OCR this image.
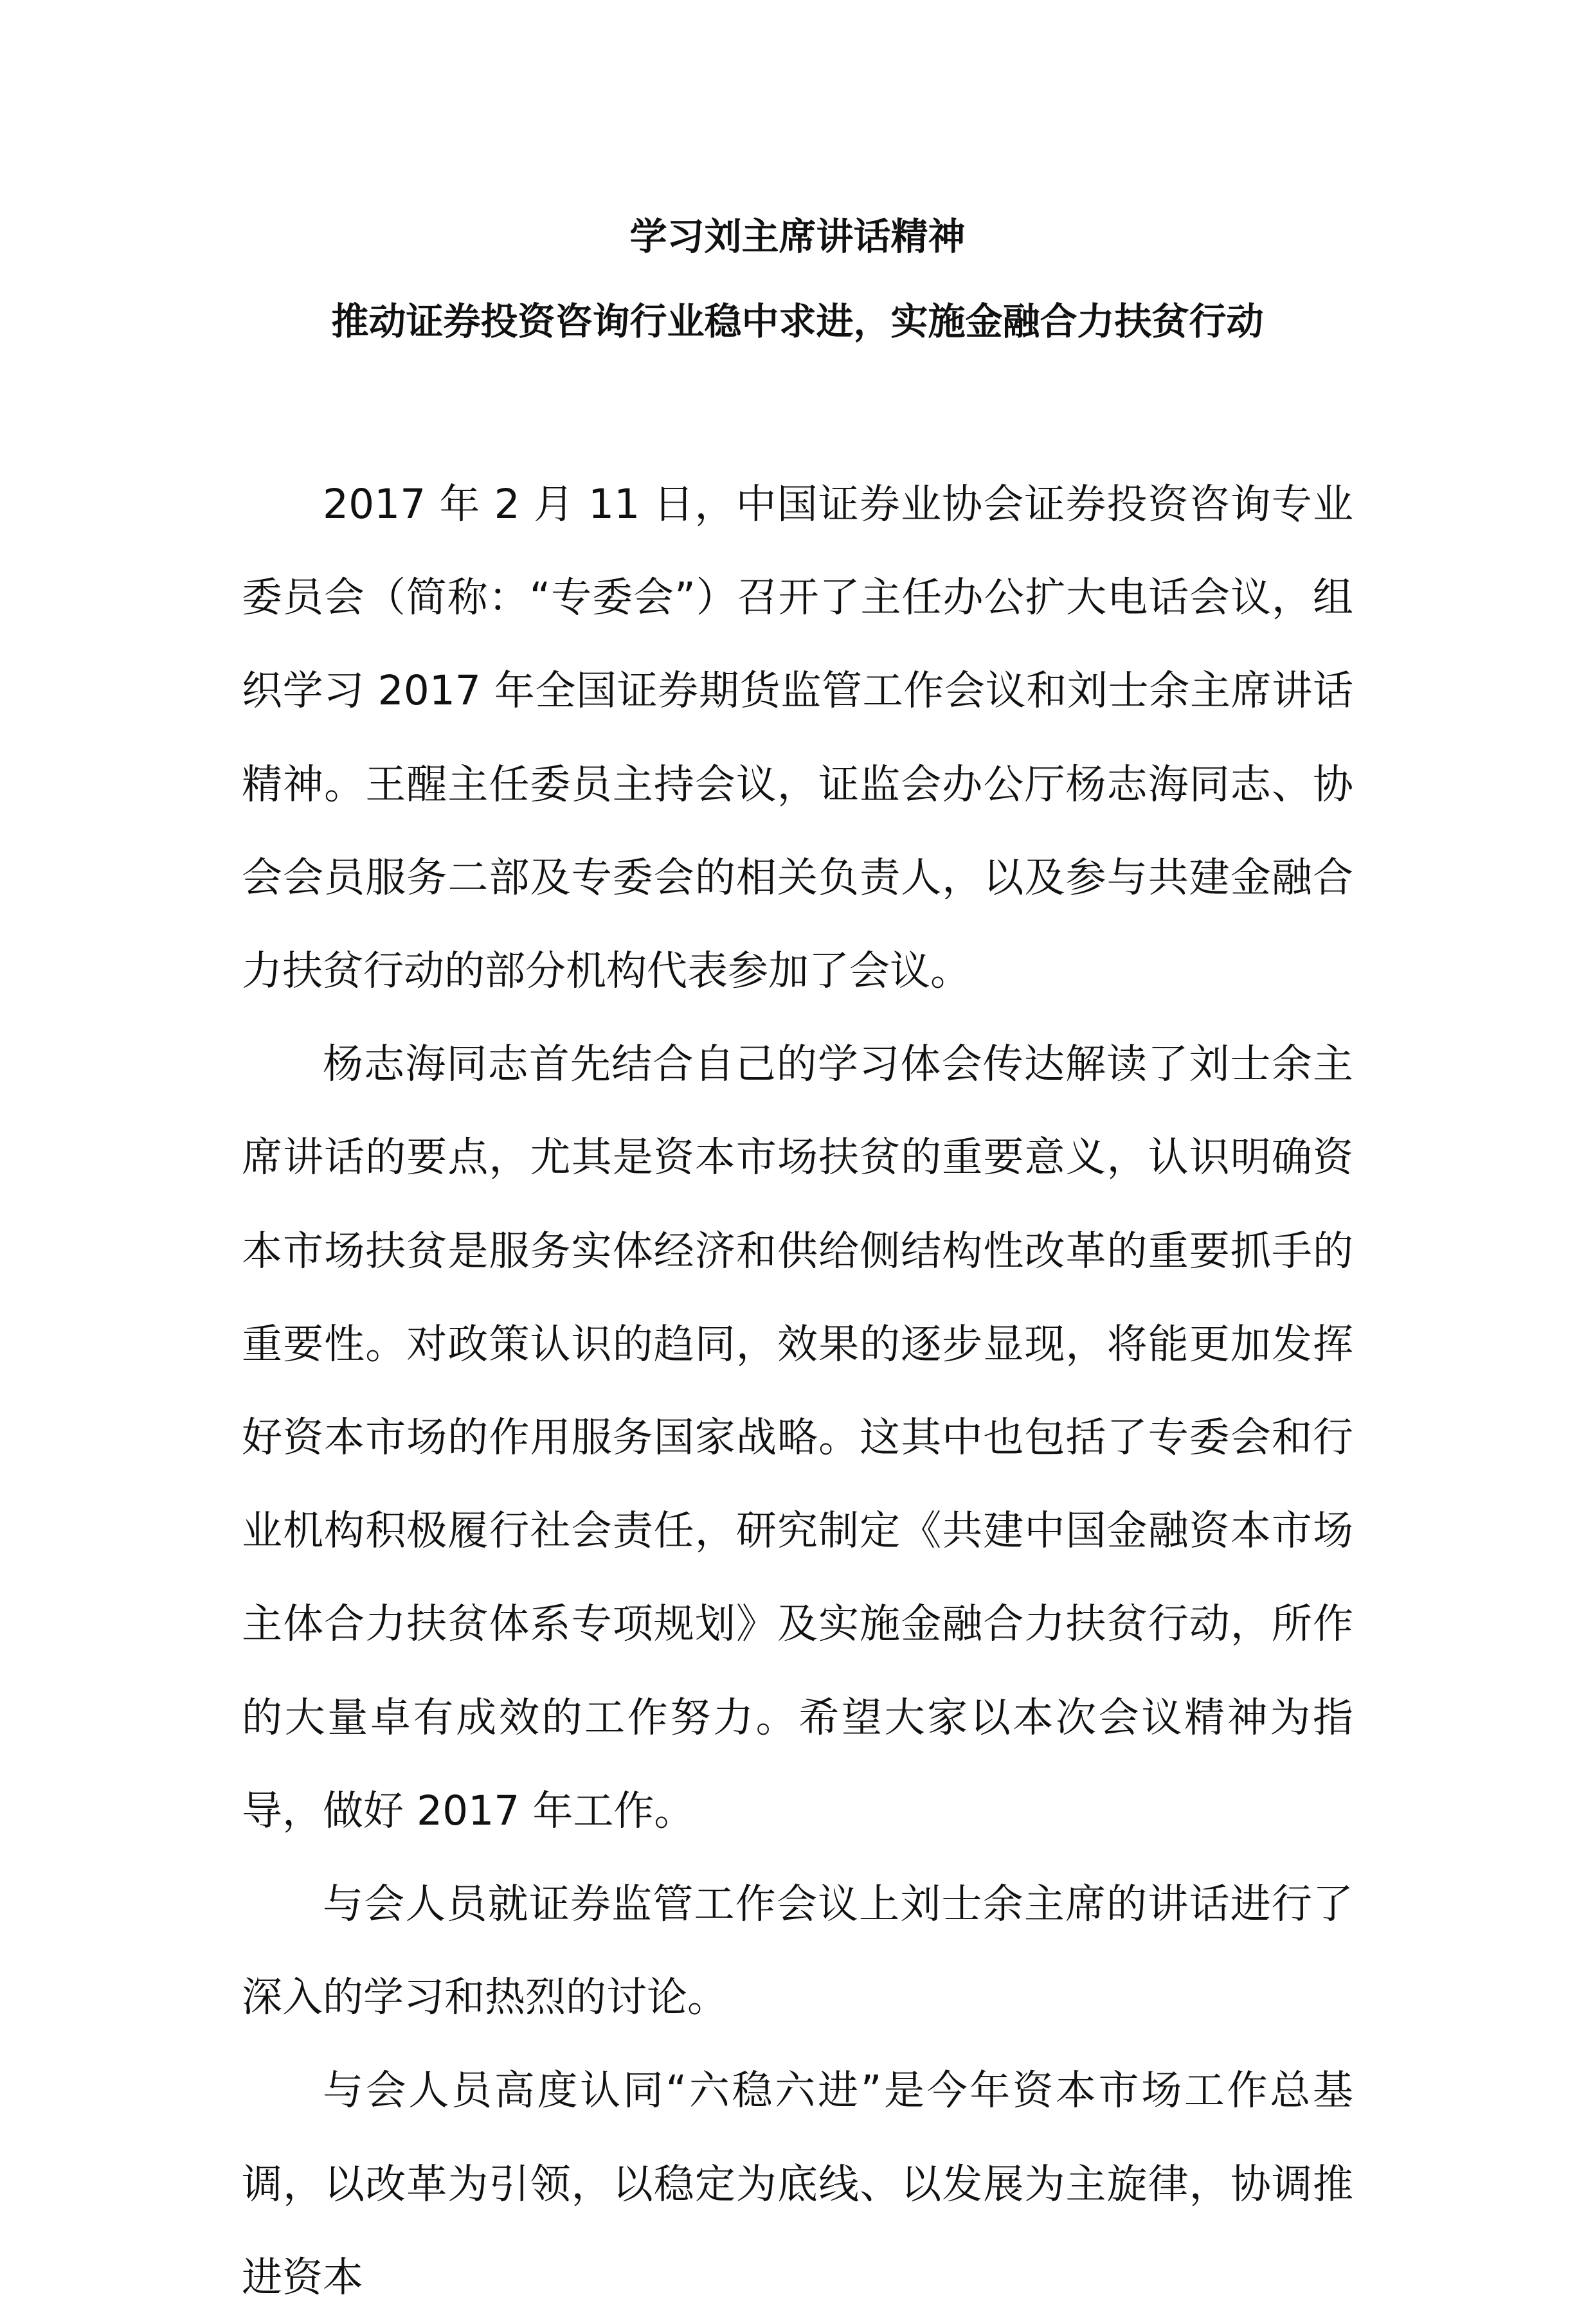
学习刘主席讲话精神
推动证券投资咨询行业稳中求进，实施金融合力扶贫行动

2017 年 2 月 11 日，中国证券业协会证券投资咨询专业委员会（简称：“专委会”）召开了主任办公扩大电话会议，组织学习 2017 年全国证券期货监管工作会议和刘士余主席讲话精神。王醒主任委员主持会议，证监会办公厅杨志海同志、协会会员服务二部及专委会的相关负责人，以及参与共建金融合力扶贫行动的部分机构代表参加了会议。

杨志海同志首先结合自己的学习体会传达解读了刘士余主席讲话的要点，尤其是资本市场扶贫的重要意义，认识明确资本市场扶贫是服务实体经济和供给侧结构性改革的重要抓手的重要性。对政策认识的趋同，效果的逐步显现，将能更加发挥好资本市场的作用服务国家战略。这其中也包括了专委会和行业机构积极履行社会责任，研究制定《共建中国金融资本市场主体合力扶贫体系专项规划》及实施金融合力扶贫行动，所作的大量卓有成效的工作努力。希望大家以本次会议精神为指导，做好 2017 年工作。

与会人员就证券监管工作会议上刘士余主席的讲话进行了深入的学习和热烈的讨论。

与会人员高度认同“六稳六进”是今年资本市场工作总基调，以改革为引领，以稳定为底线、以发展为主旋律，协调推进资本
